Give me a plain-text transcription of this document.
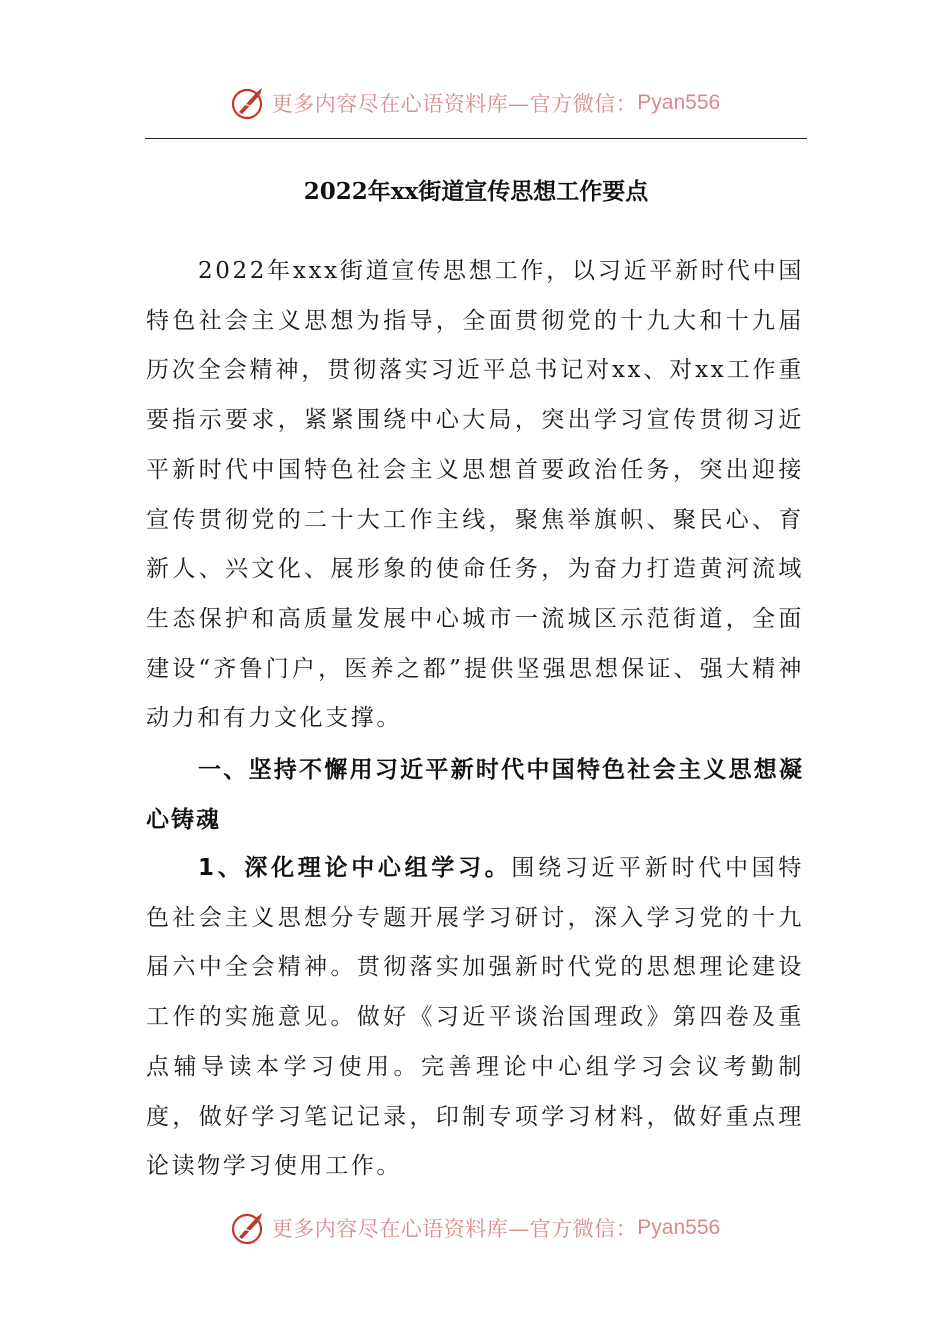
更多内容尽在心语资料库—官方微信： Pyan556
2022年xx街道宣传思想工作要点

2022年xxx街道宣传思想工作，以习近平新时代中国特色社会主义思想为指导，全面贯彻党的十九大和十九届历次全会精神，贯彻落实习近平总书记对xx、对xx工作重要指示要求，紧紧围绕中心大局，突出学习宣传贯彻习近平新时代中国特色社会主义思想首要政治任务，突出迎接宣传贯彻党的二十大工作主线，聚焦举旗帜、聚民心、育新人、兴文化、展形象的使命任务，为奋力打造黄河流域生态保护和高质量发展中心城市一流城区示范街道，全面建设“齐鲁门户，医养之都”提供坚强思想保证、强大精神动力和有力文化支撑。

一、坚持不懈用习近平新时代中国特色社会主义思想凝心铸魂

1、深化理论中心组学习。围绕习近平新时代中国特色社会主义思想分专题开展学习研讨，深入学习党的十九届六中全会精神。贯彻落实加强新时代党的思想理论建设工作的实施意见。做好《习近平谈治国理政》第四卷及重点辅导读本学习使用。完善理论中心组学习会议考勤制度，做好学习笔记记录，印制专项学习材料，做好重点理论读物学习使用工作。

更多内容尽在心语资料库—官方微信： Pyan556
